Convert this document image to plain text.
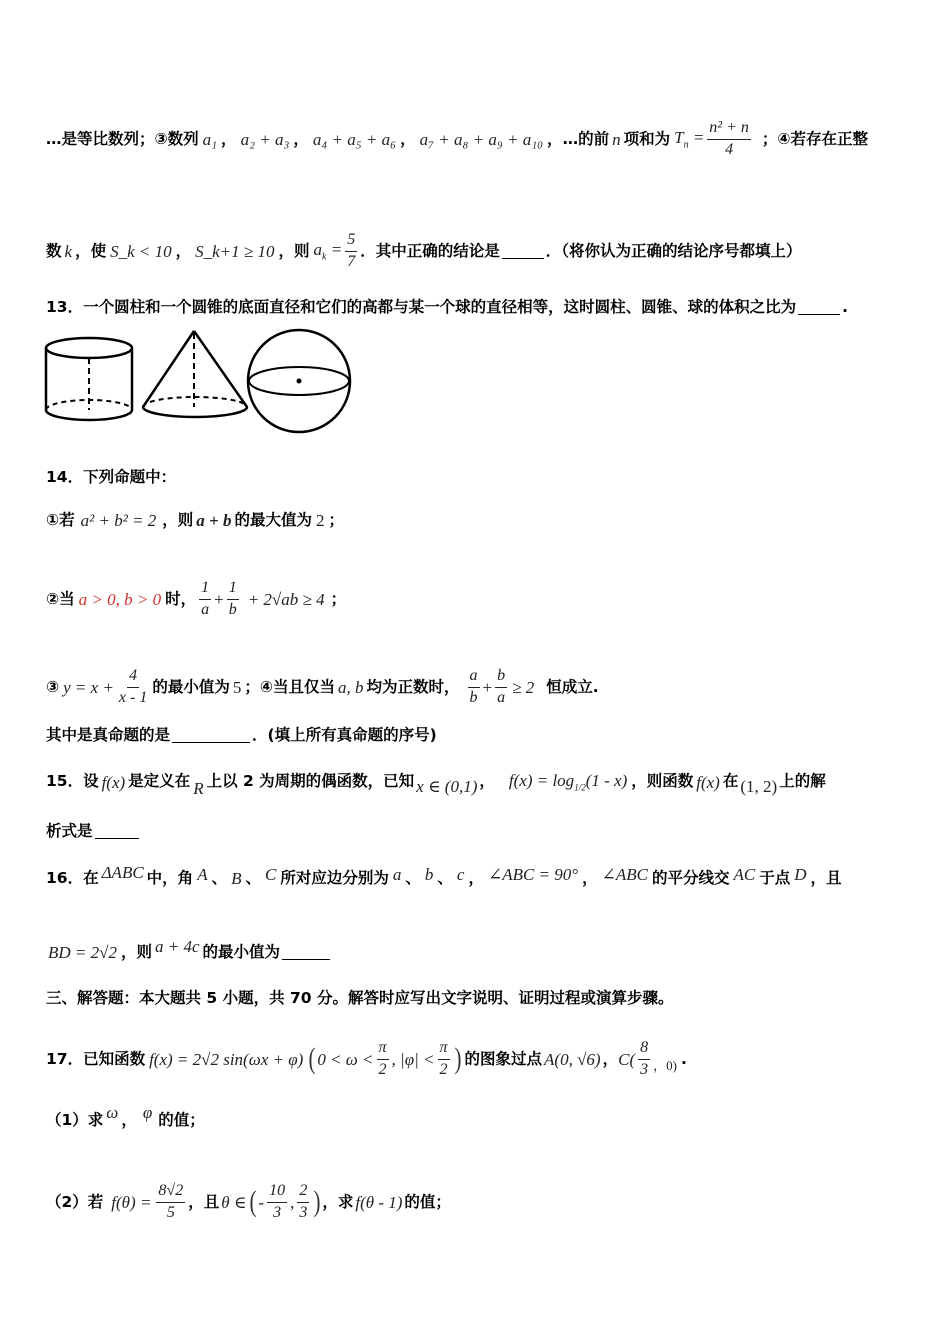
…是等比数列；③数列 a₁ ， a₂ + a₃ ， a₄ + a₅ + a₆ ， a₇ + a₈ + a₉ + a₁₀ ， … 的前 n 项和为 $T_n = \frac{\text{n² + n}}{4}$ ；④若存在正整
数 k ，使 S_k < 10 ， S_k+1 ≥ 10 ，则 $a_k = \frac{5}{7}$ ．其中正确的结论是	．（将你认为正确的结论序号都填上）
13．一个圆柱和一个圆锥的底面直径和它们的高都与某一个球的直径相等，这时圆柱、圆锥、球的体积之比为	.
14．下列命题中：
①若 a² + b² = 2 ，则 a + b 的最大值为 2 ；
②当 a > 0, b > 0 时， $\frac{1}{a} + \frac{1}{b} + 2√ab \ge 4$ ；
③ $y = x + \frac{4}{x - 1}$ 的最小值为 5 ；④当且仅当 a, b 均为正数时， $\frac{a}{b} + \frac{b}{a} \ge 2$ 恒成立.
其中是真命题的是	．(填上所有真命题的序号)
15．设 f(x) 是定义在 R 上以 2 为周期的偶函数，已知 x ∈ (0,1) ， $f(x) = \log_{1/2}(1 - x)$ ，则函数 f(x) 在 (1, 2) 上的解
析式是
16．在 ΔABC 中，角 A 、 B 、 C 所对应边分别为 a 、 b 、 c ， ∠ABC = 90° ， ∠ABC 的平分线交 AC 于点 D ，且
BD = 2√2 ，则 a + 4c 的最小值为
三、解答题：本大题共 5 小题，共 70 分。解答时应写出文字说明、证明过程或演算步骤。
17．已知函数 f(x) = 2√2 sin(ωx + φ) ( $0 < \omega < \frac{\pi}{2}$ , $|\varphi| < \frac{\pi}{2}$ ) 的图象过点 A(0, √6) ， $C( \frac{8}{3}$ ，0) .
（1）求 ω ， φ 的值；
（2）若 $f(\theta) = \frac{8√2}{5}$ ，且 θ ∈ ( - $\frac{10}{3}$ , $\frac{2}{3}$ ) ，求 f(θ - 1) 的值；
